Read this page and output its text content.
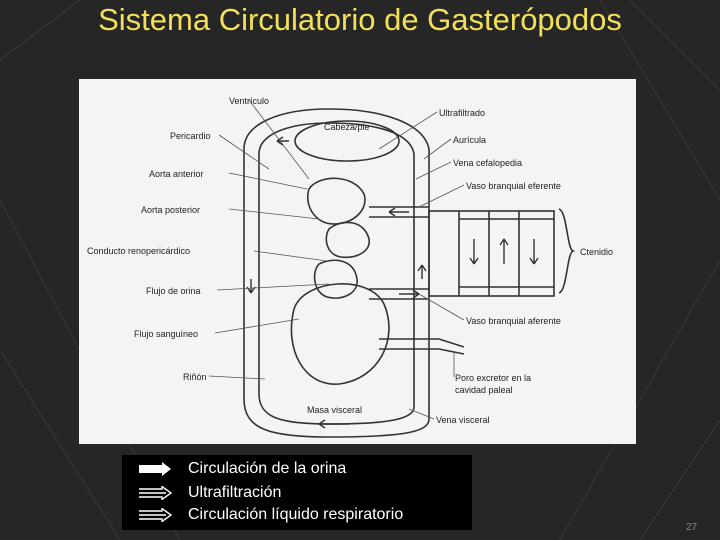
Sistema Circulatorio de Gasterópodos
Ventrículo
Pericardio
Aorta anterior
Aorta posterior
Conducto renopericárdico
Flujo de orina
Flujo sanguíneo
Riñón
Ultrafiltrado
Aurícula
Vena cefalopedia
Vaso branquial eferente
Ctenidio
Vaso branquial aferente
Poro excretor en la
cavidad paleal
Vena visceral
Cabeza/pie
Masa visceral
Circulación de la orina
Ultrafiltración
Circulación líquido respiratorio
27
